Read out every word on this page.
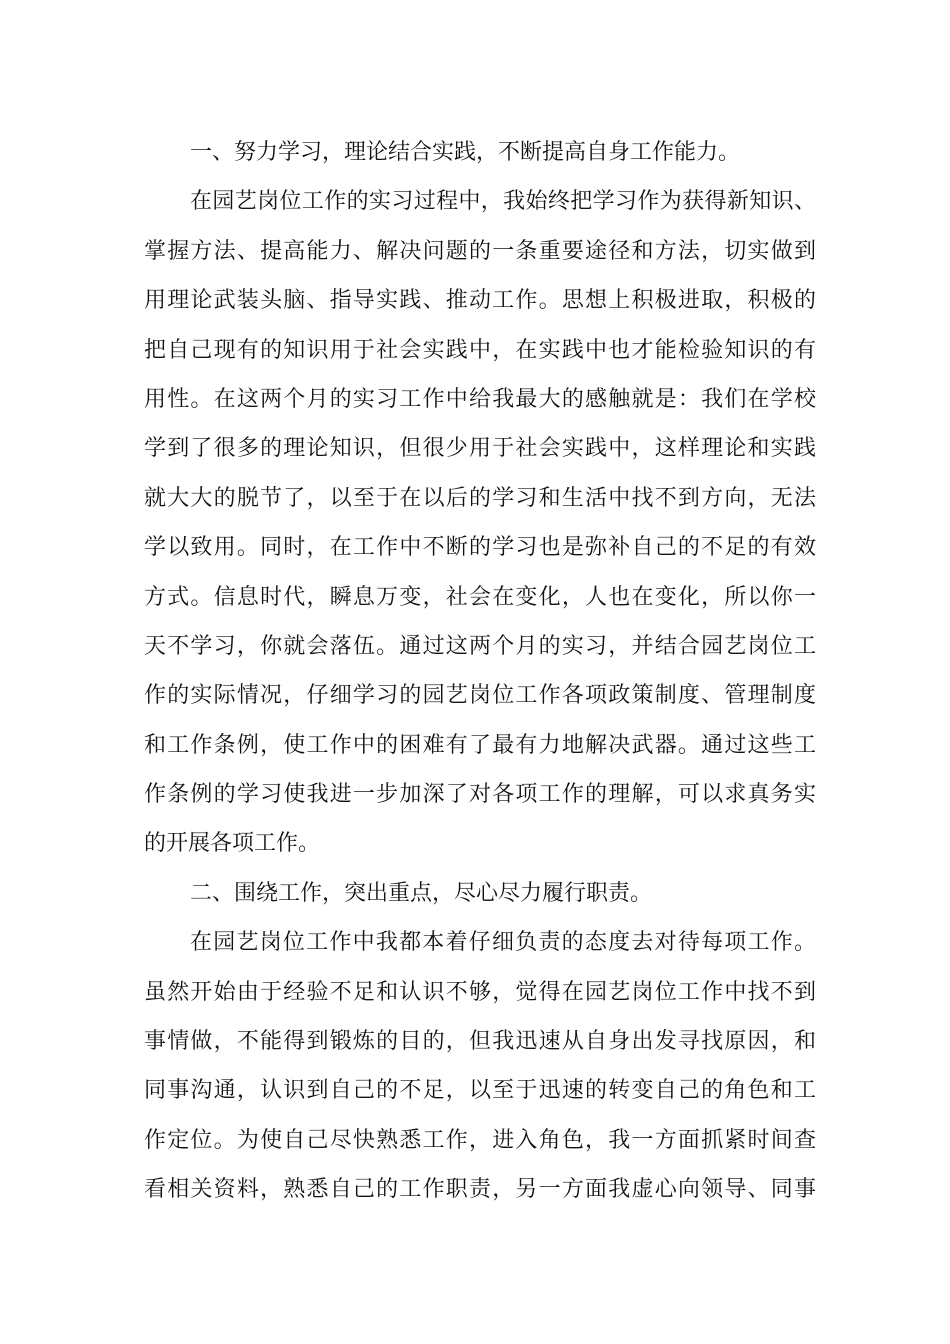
一、努力学习，理论结合实践，不断提高自身工作能力。
在园艺岗位工作的实习过程中，我始终把学习作为获得新知识、
掌握方法、提高能力、解决问题的一条重要途径和方法，切实做到
用理论武装头脑、指导实践、推动工作。思想上积极进取，积极的
把自己现有的知识用于社会实践中，在实践中也才能检验知识的有
用性。在这两个月的实习工作中给我最大的感触就是：我们在学校
学到了很多的理论知识，但很少用于社会实践中，这样理论和实践
就大大的脱节了，以至于在以后的学习和生活中找不到方向，无法
学以致用。同时，在工作中不断的学习也是弥补自己的不足的有效
方式。信息时代，瞬息万变，社会在变化，人也在变化，所以你一
天不学习，你就会落伍。通过这两个月的实习，并结合园艺岗位工
作的实际情况，仔细学习的园艺岗位工作各项政策制度、管理制度
和工作条例，使工作中的困难有了最有力地解决武器。通过这些工
作条例的学习使我进一步加深了对各项工作的理解，可以求真务实
的开展各项工作。
二、围绕工作，突出重点，尽心尽力履行职责。
在园艺岗位工作中我都本着仔细负责的态度去对待每项工作。
虽然开始由于经验不足和认识不够，觉得在园艺岗位工作中找不到
事情做，不能得到锻炼的目的，但我迅速从自身出发寻找原因，和
同事沟通，认识到自己的不足，以至于迅速的转变自己的角色和工
作定位。为使自己尽快熟悉工作，进入角色，我一方面抓紧时间查
看相关资料，熟悉自己的工作职责，另一方面我虚心向领导、同事
